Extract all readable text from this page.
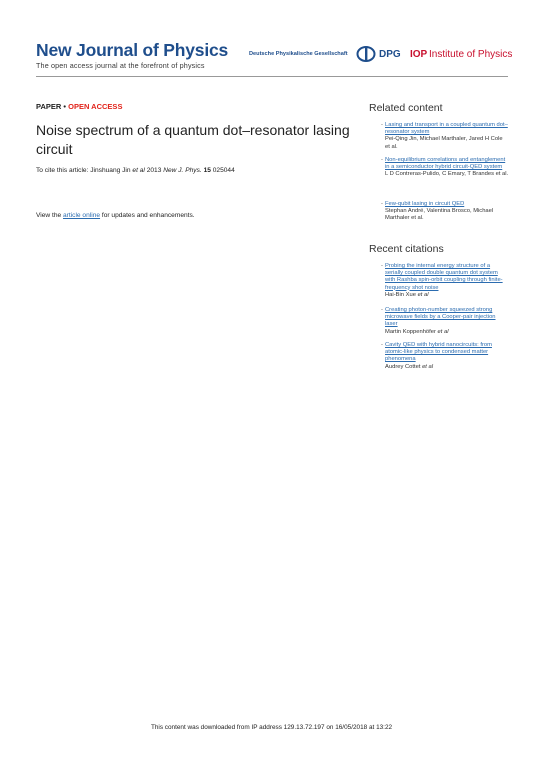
New Journal of Physics
The open access journal at the forefront of physics
Deutsche Physikalische Gesellschaft	DPG IOP Institute of Physics
PAPER • OPEN ACCESS
Noise spectrum of a quantum dot–resonator lasing circuit
To cite this article: Jinshuang Jin et al 2013 New J. Phys. 15 025044
View the article online for updates and enhancements.
Related content
- Lasing and transport in a coupled quantum dot–resonator system
Pei-Qing Jin, Michael Marthaler, Jared H Cole et al.
- Non-equilibrium correlations and entanglement in a semiconductor hybrid circuit-QED system
L D Contreras-Pulido, C Emary, T Brandes et al.
- Few-qubit lasing in circuit QED
Stephan André, Valentina Brosco, Michael Marthaler et al.
Recent citations
- Probing the internal energy structure of a serially coupled double quantum dot system with Rashba spin-orbit coupling through finite-frequency shot noise
Hai-Bin Xue et al
- Creating photon-number squeezed strong microwave fields by a Cooper-pair injection laser
Martin Koppenhöfer et al
- Cavity QED with hybrid nanocircuits: from atomic-like physics to condensed matter phenomena
Audrey Cottet et al
This content was downloaded from IP address 129.13.72.197 on 16/05/2018 at 13:22
